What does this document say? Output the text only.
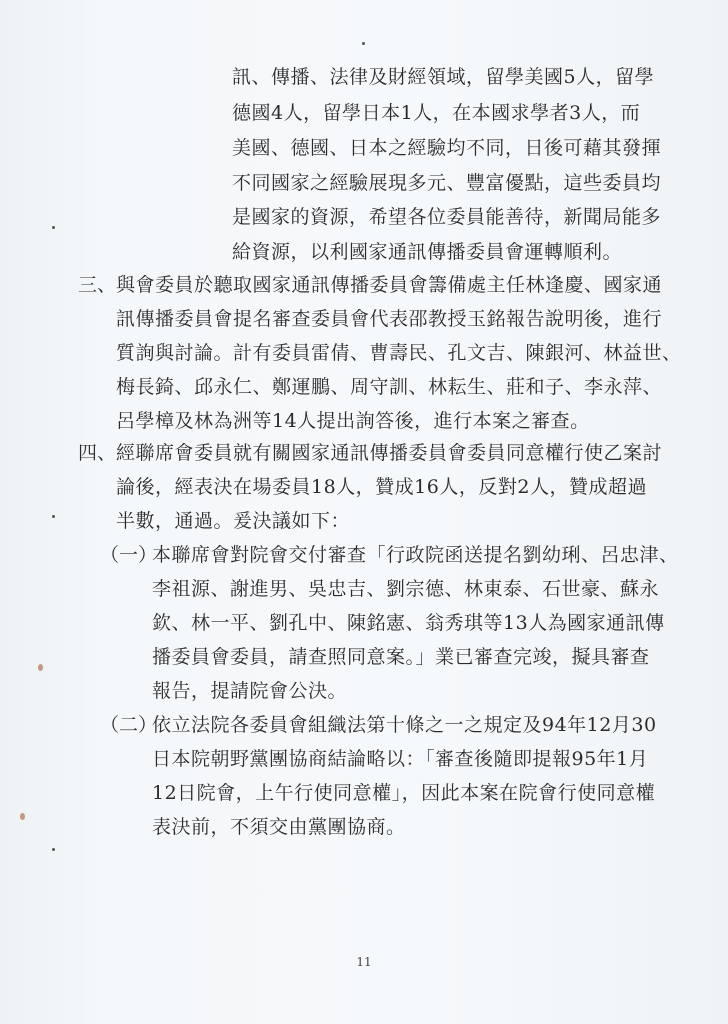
訊、傳播、法律及財經領域，留學美國5人，留學
德國4人，留學日本1人，在本國求學者3人，而
美國、德國、日本之經驗均不同，日後可藉其發揮
不同國家之經驗展現多元、豐富優點，這些委員均
是國家的資源，希望各位委員能善待，新聞局能多
給資源，以利國家通訊傳播委員會運轉順利。
三、 與會委員於聽取國家通訊傳播委員會籌備處主任林逢慶、國家通
訊傳播委員會提名審查委員會代表邵教授玉銘報告說明後，進行
質詢與討論。計有委員雷倩、曹壽民、孔文吉、陳銀河、林益世、
梅長錡、邱永仁、鄭運鵬、周守訓、林耘生、莊和子、李永萍、
呂學樟及林為洲等14人提出詢答後，進行本案之審查。
四、 經聯席會委員就有關國家通訊傳播委員會委員同意權行使乙案討
論後，經表決在場委員18人，贊成16人，反對2人，贊成超過
半數，通過。爰決議如下：
（一）
本聯席會對院會交付審查「行政院函送提名劉幼琍、呂忠津、
李祖源、謝進男、吳忠吉、劉宗德、林東泰、石世豪、蘇永
欽、林一平、劉孔中、陳銘憲、翁秀琪等13人為國家通訊傳
播委員會委員，請查照同意案。」業已審查完竣，擬具審查
報告，提請院會公決。
（二）
依立法院各委員會組織法第十條之一之規定及94年12月30
日本院朝野黨團協商結論略以：「審查後隨即提報95年1月
12日院會，上午行使同意權」，因此本案在院會行使同意權
表決前，不須交由黨團協商。
11
